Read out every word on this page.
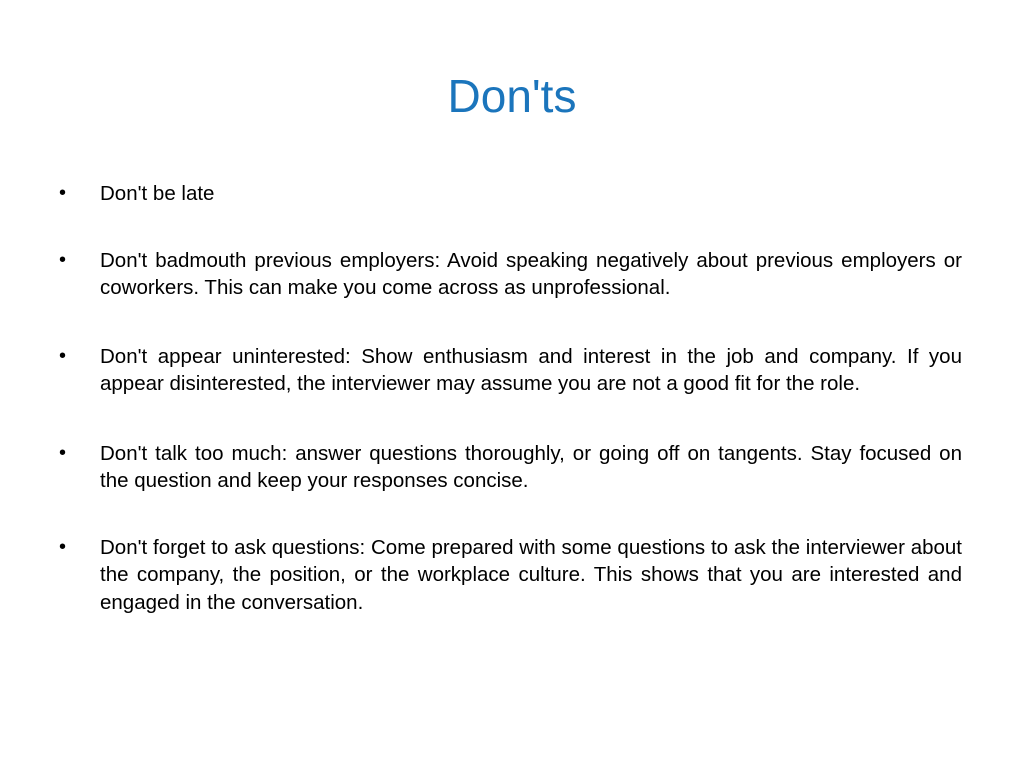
Don'ts
• Don't be late
• Don't badmouth previous employers: Avoid speaking negatively about previous employers or coworkers. This can make you come across as unprofessional.
• Don't appear uninterested: Show enthusiasm and interest in the job and company. If you appear disinterested, the interviewer may assume you are not a good fit for the role.
• Don't talk too much: answer questions thoroughly, or going off on tangents. Stay focused on the question and keep your responses concise.
• Don't forget to ask questions: Come prepared with some questions to ask the interviewer about the company, the position, or the workplace culture. This shows that you are interested and engaged in the conversation.
